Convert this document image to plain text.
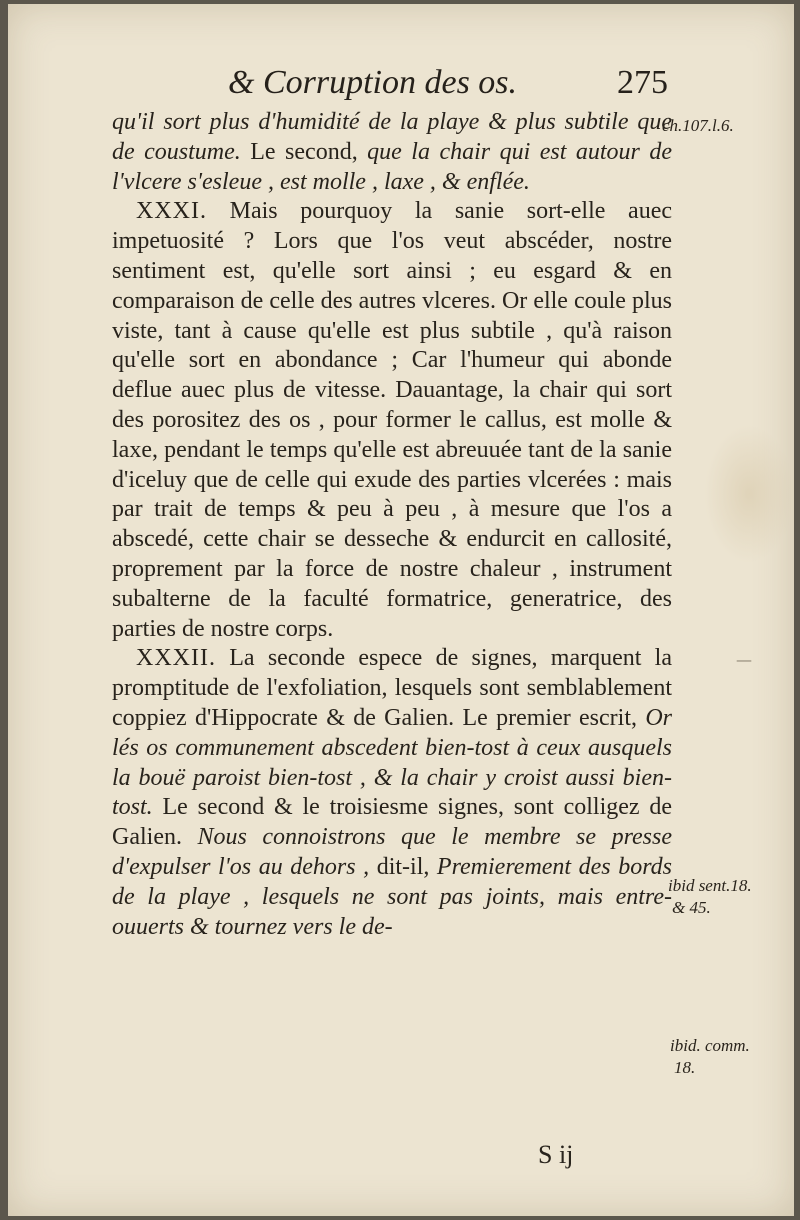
& Corruption des os.	275

qu'il sort plus d'humidité de la playe & plus subtile que de coustume. Le second, que la chair qui est autour de l'vlcere s'esleue , est molle , laxe , & enflée.

XXXI. Mais pourquoy la sanie sort-elle auec impetuosité ? Lors que l'os veut abscéder, nostre sentiment est, qu'elle sort ainsi ; eu esgard & en comparaison de celle des autres vlceres. Or elle coule plus viste, tant à cause qu'elle est plus subtile , qu'à raison qu'elle sort en abondance ; Car l'humeur qui abonde deflue auec plus de vitesse. Dauantage, la chair qui sort des porositez des os , pour former le callus, est molle & laxe, pendant le temps qu'elle est abreuuée tant de la sanie d'iceluy que de celle qui exude des parties vlcerées : mais par trait de temps & peu à peu , à mesure que l'os a abscedé, cette chair se desseche & endurcit en callosité, proprement par la force de nostre chaleur , instrument subalterne de la faculté formatrice, generatrice, des parties de nostre corps.

XXXII. La seconde espece de signes, marquent la promptitude de l'exfoliation, lesquels sont semblablement coppiez d'Hippocrate & de Galien. Le premier escrit, Or lés os communement abscedent bien-tost à ceux ausquels la bouë paroist bien-tost , & la chair y croist aussi bien-tost. Le second & le troisiesme signes, sont colligez de Galien. Nous connoistrons que le membre se presse d'expulser l'os au dehors , dit-il, Premierement des bords de la playe , lesquels ne sont pas joints, mais entre-ouuerts & tournez vers le de-

ch.107.l.6.
ibid sent.18.
& 45.
ibid. comm.
18.
—
S ij
